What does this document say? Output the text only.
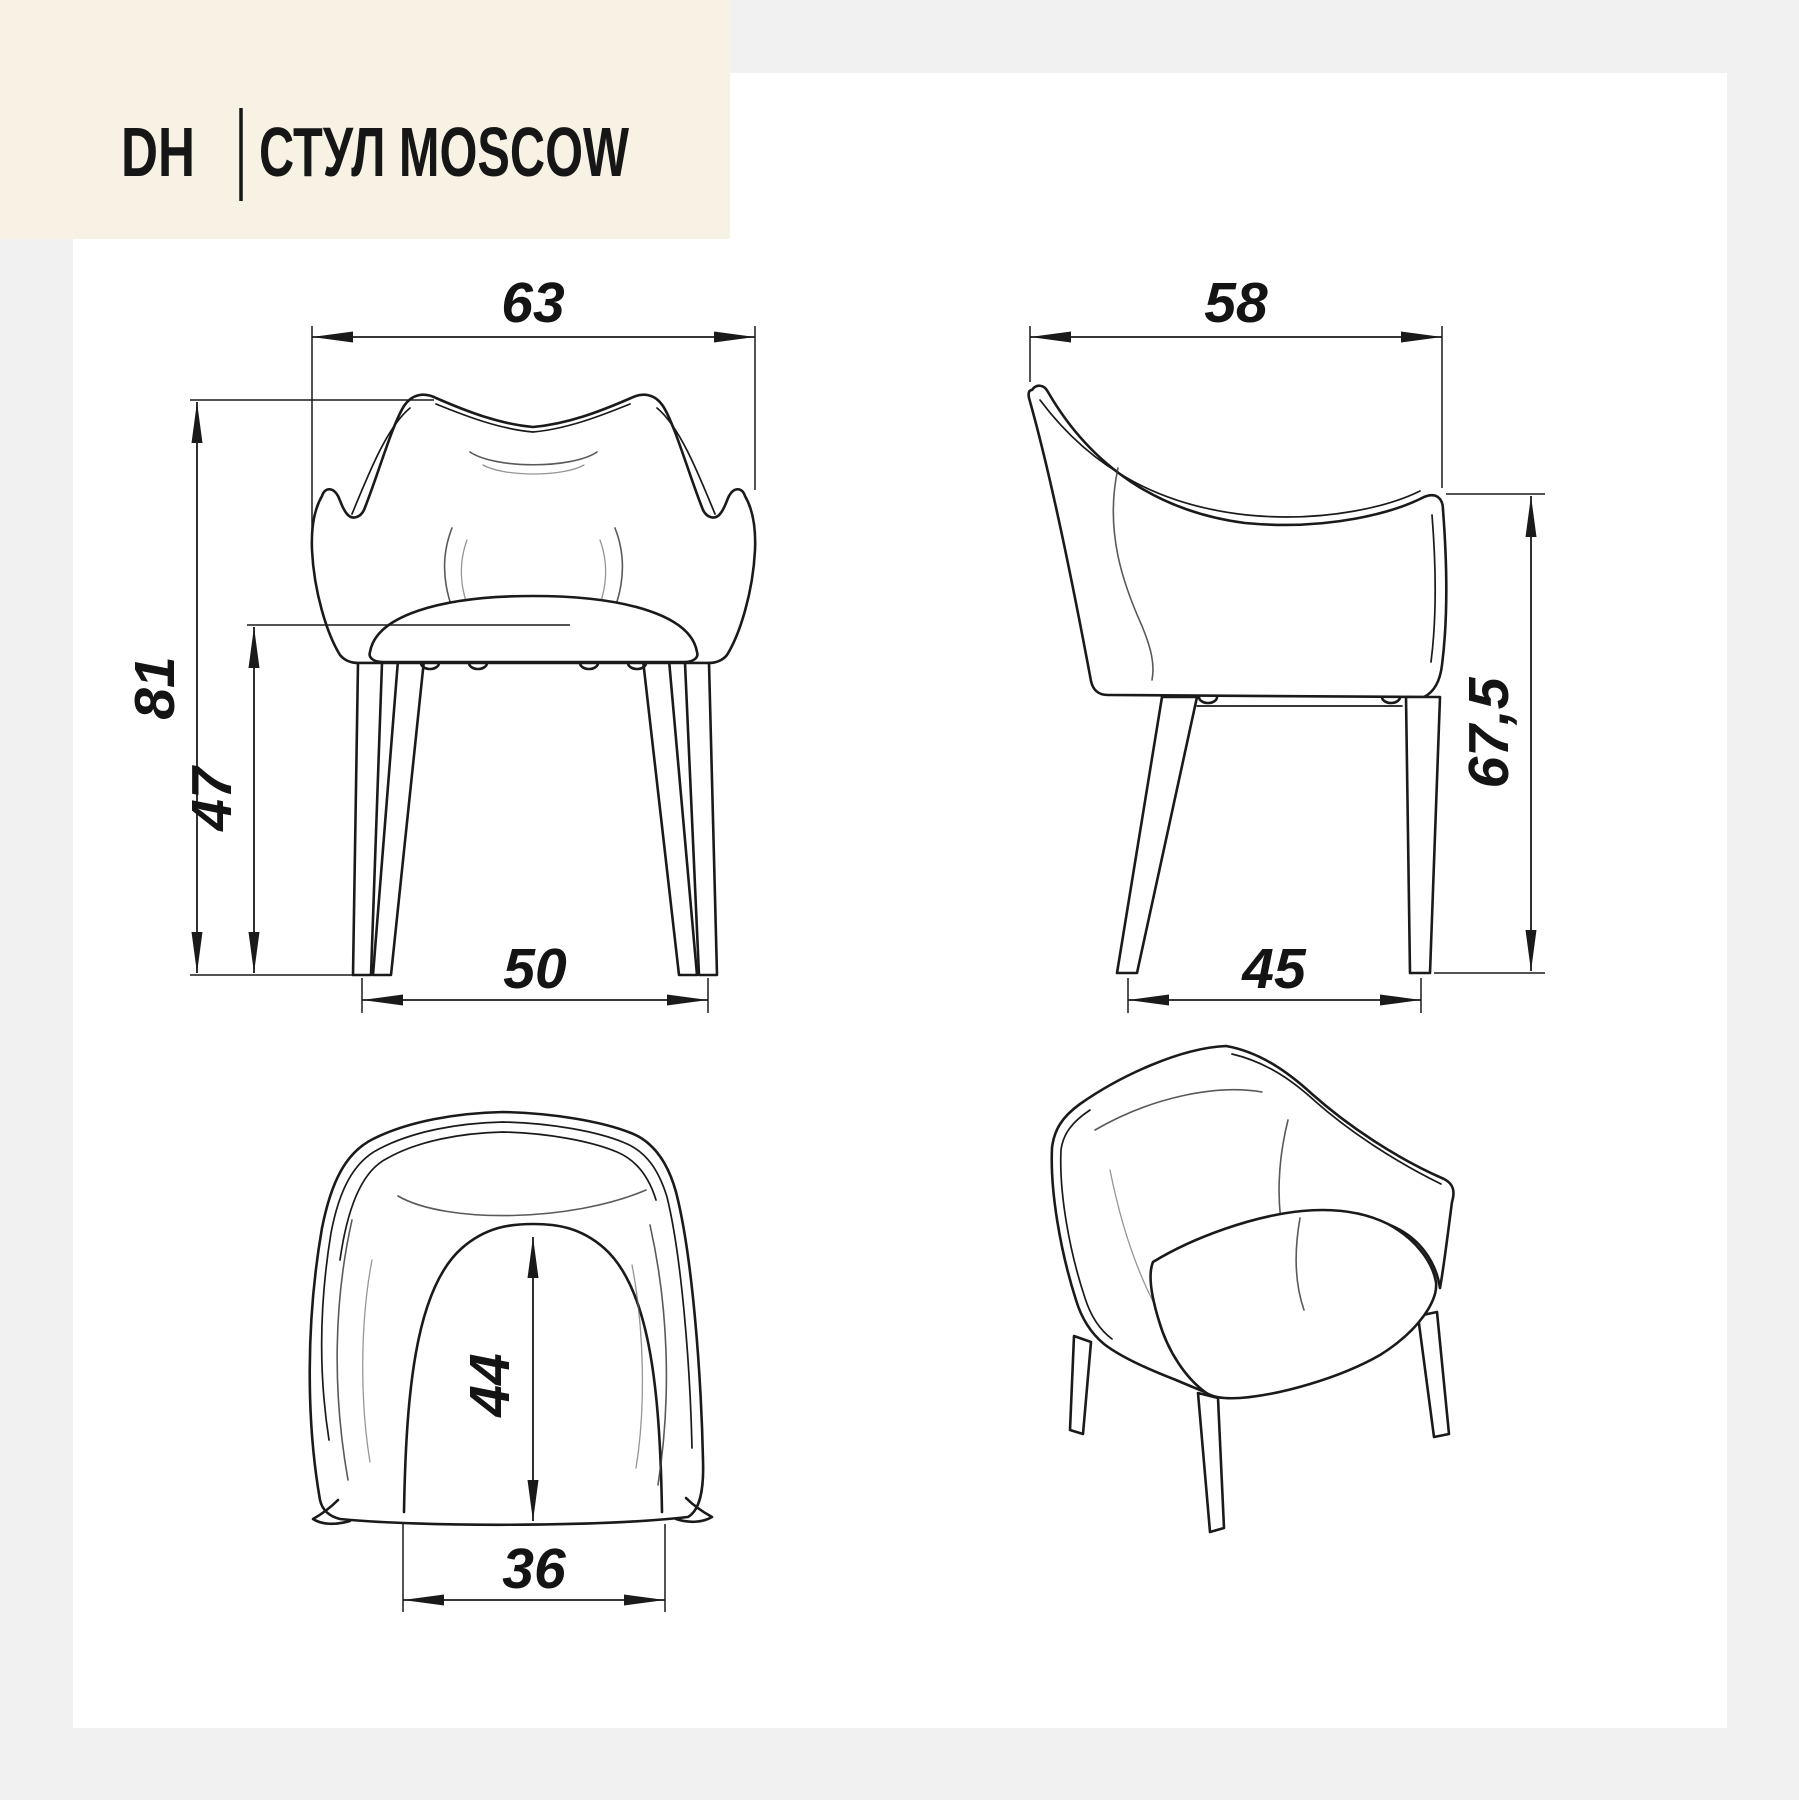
DH СТУЛ MOSCOW
63
81
47
50
58
67,5
45
44
36
